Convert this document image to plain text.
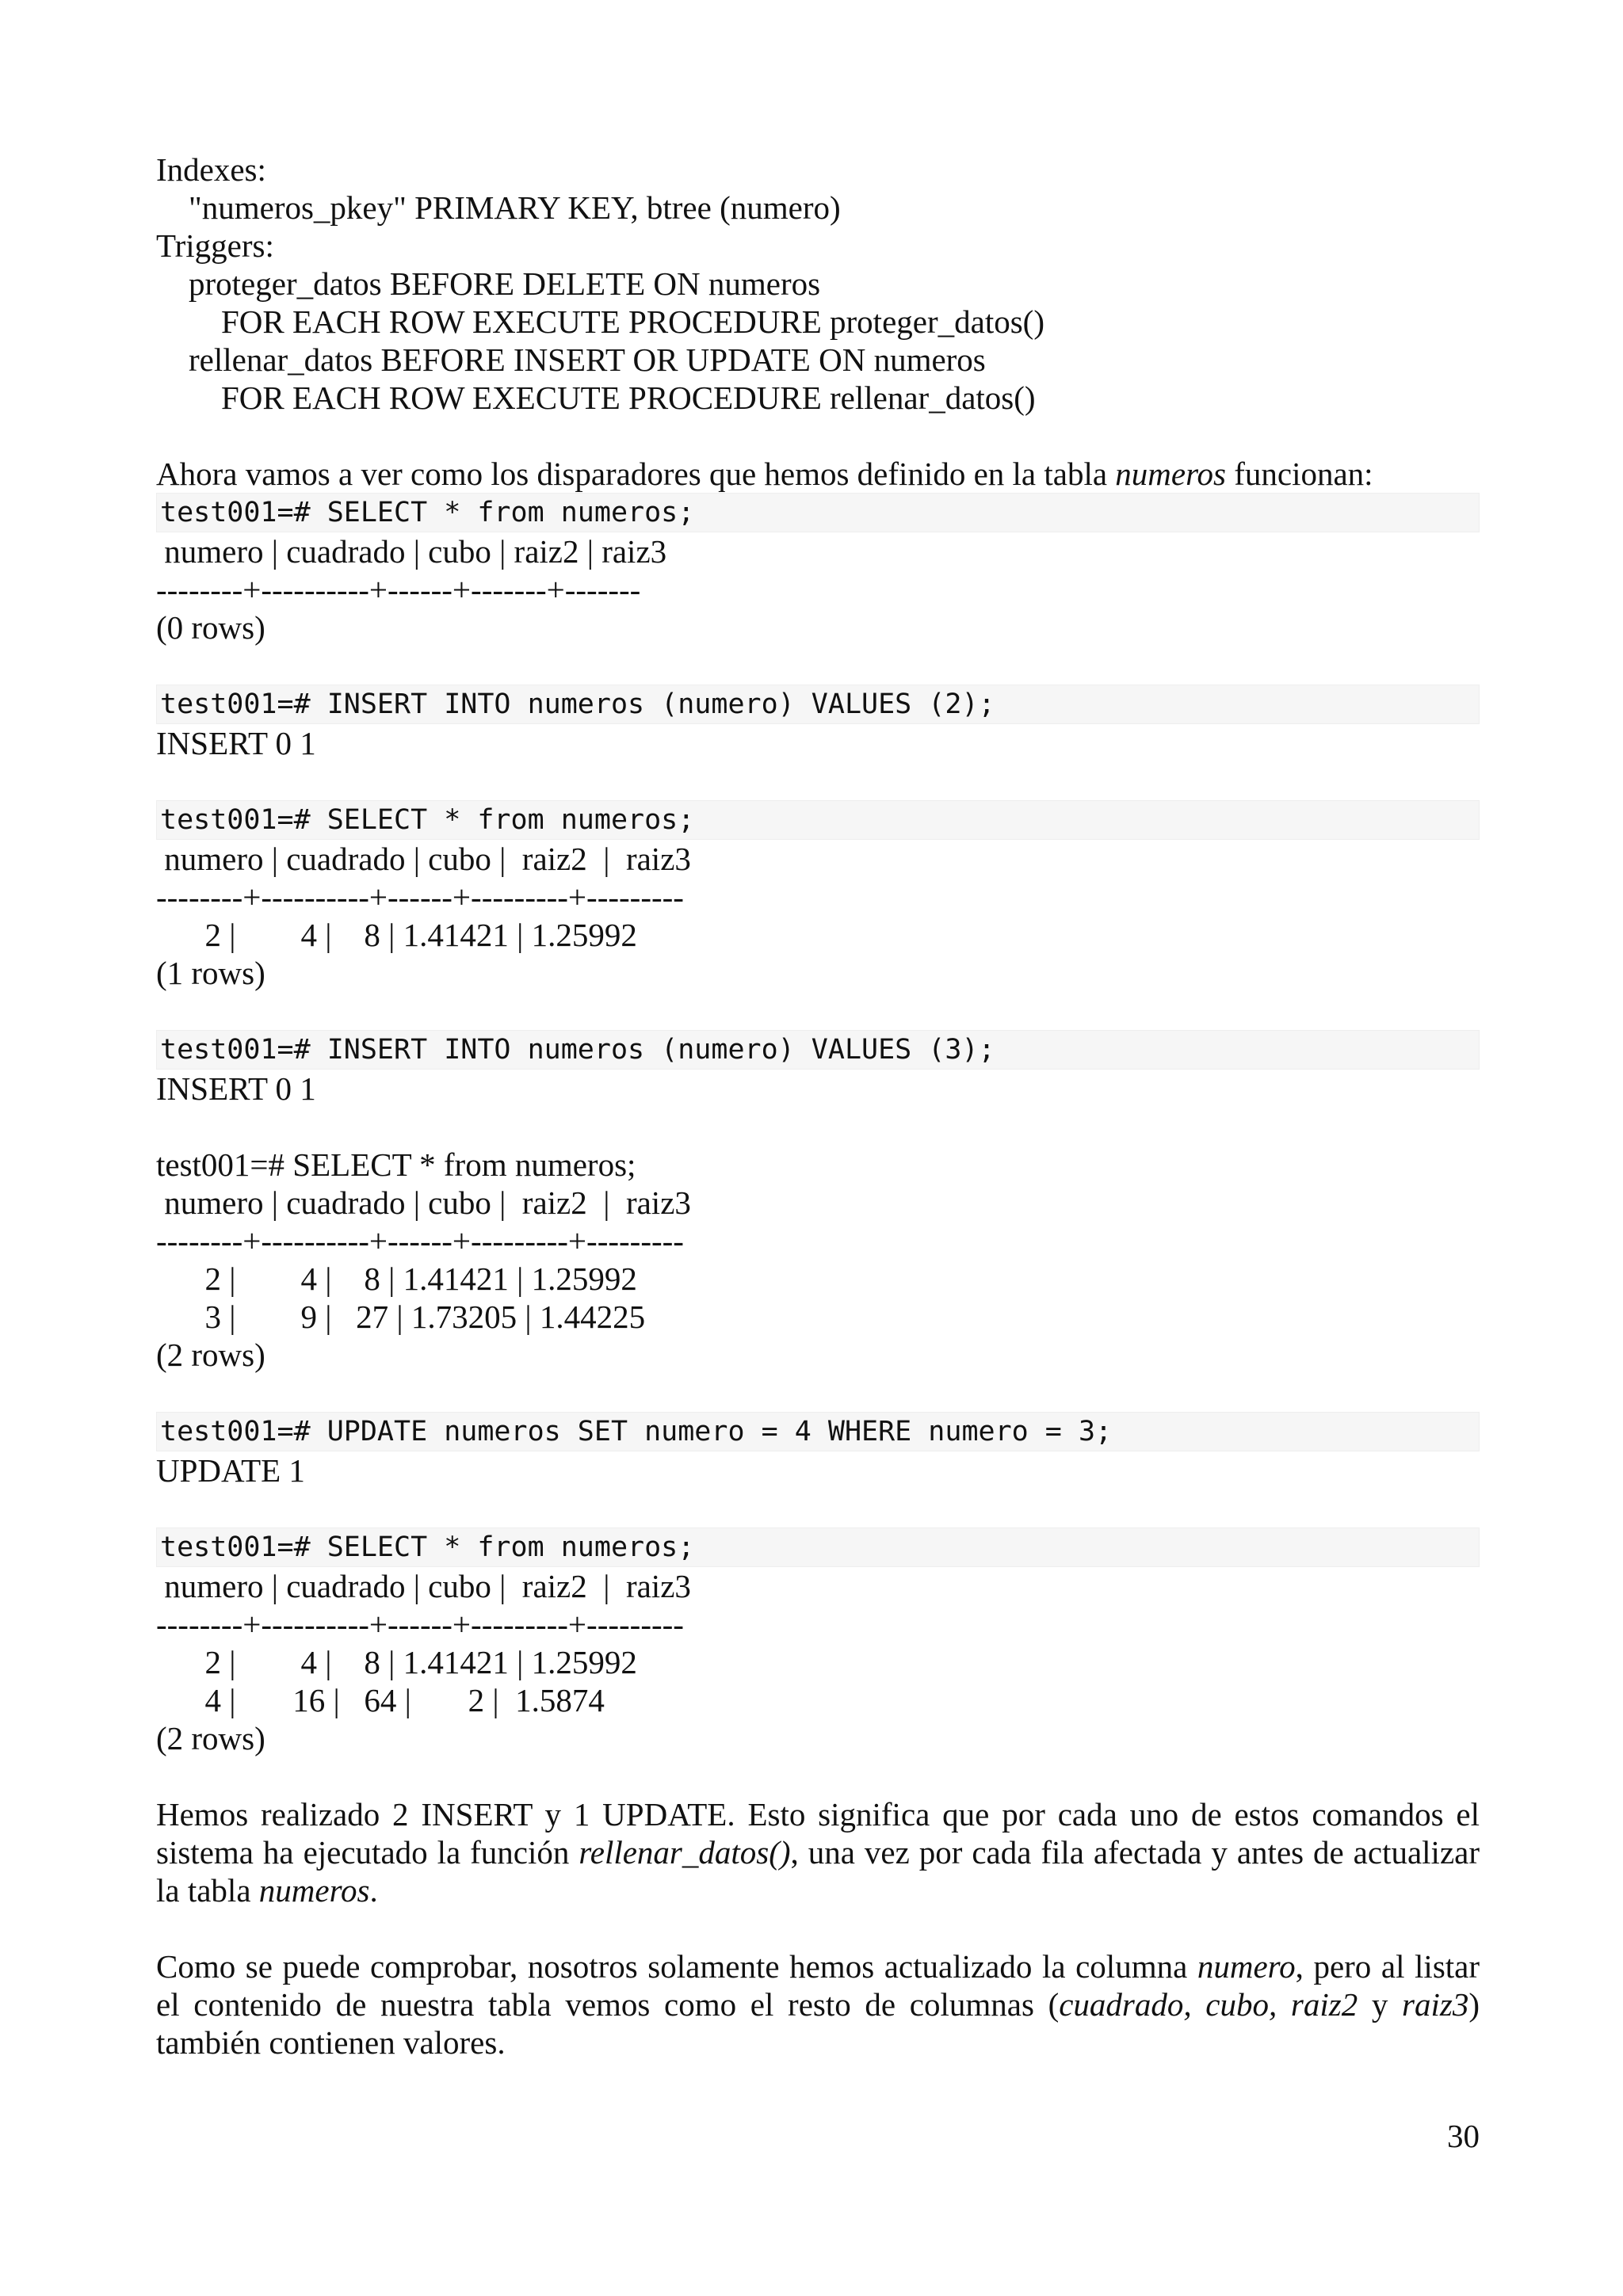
Indexes:
"numeros_pkey" PRIMARY KEY, btree (numero)
Triggers:
proteger_datos BEFORE DELETE ON numeros
FOR EACH ROW EXECUTE PROCEDURE proteger_datos()
rellenar_datos BEFORE INSERT OR UPDATE ON numeros
FOR EACH ROW EXECUTE PROCEDURE rellenar_datos()

Ahora vamos a ver como los disparadores que hemos definido en la tabla numeros funcionan:

test001=# SELECT * from numeros;
numero | cuadrado | cubo | raiz2 | raiz3
--------+----------+------+-------+-------
(0 rows)
test001=# INSERT INTO numeros (numero) VALUES (2);
INSERT 0 1
test001=# SELECT * from numeros;
numero | cuadrado | cubo |  raiz2  |  raiz3
--------+----------+------+---------+---------
2 |        4 |    8 | 1.41421 | 1.25992
(1 rows)
test001=# INSERT INTO numeros (numero) VALUES (3);
INSERT 0 1
test001=# SELECT * from numeros;
numero | cuadrado | cubo |  raiz2  |  raiz3
--------+----------+------+---------+---------
2 |        4 |    8 | 1.41421 | 1.25992
3 |        9 |   27 | 1.73205 | 1.44225
(2 rows)
test001=# UPDATE numeros SET numero = 4 WHERE numero = 3;
UPDATE 1
test001=# SELECT * from numeros;
numero | cuadrado | cubo |  raiz2  |  raiz3
--------+----------+------+---------+---------
2 |        4 |    8 | 1.41421 | 1.25992
4 |       16 |   64 |       2 |  1.5874
(2 rows)

Hemos realizado 2 INSERT y 1 UPDATE. Esto significa que por cada uno de estos comandos el sistema ha ejecutado la función rellenar_datos(), una vez por cada fila afectada y antes de actualizar la tabla numeros.

Como se puede comprobar, nosotros solamente hemos actualizado la columna numero, pero al listar el contenido de nuestra tabla vemos como el resto de columnas (cuadrado, cubo, raiz2 y raiz3) también contienen valores.

30
